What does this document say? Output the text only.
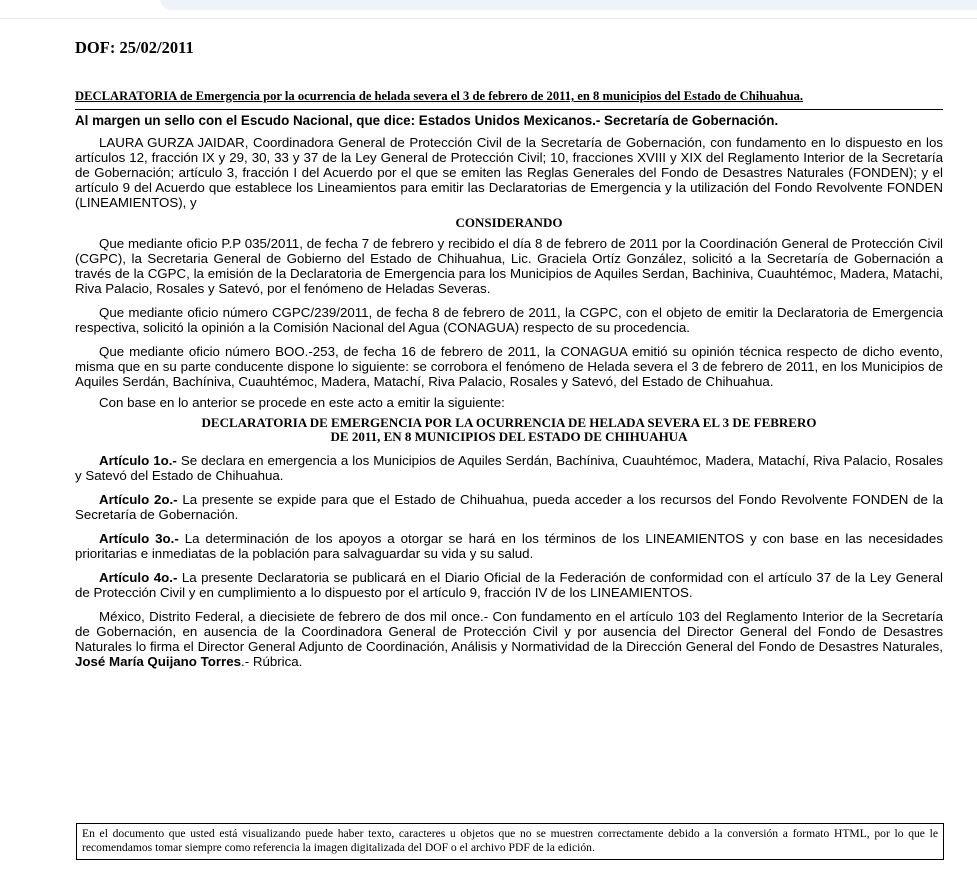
DOF: 25/02/2011
DECLARATORIA de Emergencia por la ocurrencia de helada severa el 3 de febrero de 2011, en 8 municipios del Estado de Chihuahua.
Al margen un sello con el Escudo Nacional, que dice: Estados Unidos Mexicanos.- Secretaría de Gobernación.

LAURA GURZA JAIDAR, Coordinadora General de Protección Civil de la Secretaría de Gobernación, con fundamento en lo dispuesto en los artículos 12, fracción IX y 29, 30, 33 y 37 de la Ley General de Protección Civil; 10, fracciones XVIII y XIX del Reglamento Interior de la Secretaría de Gobernación; artículo 3, fracción I del Acuerdo por el que se emiten las Reglas Generales del Fondo de Desastres Naturales (FONDEN); y el artículo 9 del Acuerdo que establece los Lineamientos para emitir las Declaratorias de Emergencia y la utilización del Fondo Revolvente FONDEN (LINEAMIENTOS), y

CONSIDERANDO

Que mediante oficio P.P 035/2011, de fecha 7 de febrero y recibido el día 8 de febrero de 2011 por la Coordinación General de Protección Civil (CGPC), la Secretaria General de Gobierno del Estado de Chihuahua, Lic. Graciela Ortíz González, solicitó a la Secretaría de Gobernación a través de la CGPC, la emisión de la Declaratoria de Emergencia para los Municipios de Aquiles Serdan, Bachiniva, Cuauhtémoc, Madera, Matachi, Riva Palacio, Rosales y Satevó, por el fenómeno de Heladas Severas.

Que mediante oficio número CGPC/239/2011, de fecha 8 de febrero de 2011, la CGPC, con el objeto de emitir la Declaratoria de Emergencia respectiva, solicitó la opinión a la Comisión Nacional del Agua (CONAGUA) respecto de su procedencia.

Que mediante oficio número BOO.-253, de fecha 16 de febrero de 2011, la CONAGUA emitió su opinión técnica respecto de dicho evento, misma que en su parte conducente dispone lo siguiente: se corrobora el fenómeno de Helada severa el 3 de febrero de 2011, en los Municipios de Aquiles Serdán, Bachíniva, Cuauhtémoc, Madera, Matachí, Riva Palacio, Rosales y Satevó, del Estado de Chihuahua.

Con base en lo anterior se procede en este acto a emitir la siguiente:

DECLARATORIA DE EMERGENCIA POR LA OCURRENCIA DE HELADA SEVERA EL 3 DE FEBRERO
DE 2011, EN 8 MUNICIPIOS DEL ESTADO DE CHIHUAHUA

Artículo 1o.- Se declara en emergencia a los Municipios de Aquiles Serdán, Bachíniva, Cuauhtémoc, Madera, Matachí, Riva Palacio, Rosales y Satevó del Estado de Chihuahua.

Artículo 2o.- La presente se expide para que el Estado de Chihuahua, pueda acceder a los recursos del Fondo Revolvente FONDEN de la Secretaría de Gobernación.

Artículo 3o.- La determinación de los apoyos a otorgar se hará en los términos de los LINEAMIENTOS y con base en las necesidades prioritarias e inmediatas de la población para salvaguardar su vida y su salud.

Artículo 4o.- La presente Declaratoria se publicará en el Diario Oficial de la Federación de conformidad con el artículo 37 de la Ley General de Protección Civil y en cumplimiento a lo dispuesto por el artículo 9, fracción IV de los LINEAMIENTOS.

México, Distrito Federal, a diecisiete de febrero de dos mil once.- Con fundamento en el artículo 103 del Reglamento Interior de la Secretaría de Gobernación, en ausencia de la Coordinadora General de Protección Civil y por ausencia del Director General del Fondo de Desastres Naturales lo firma el Director General Adjunto de Coordinación, Análisis y Normatividad de la Dirección General del Fondo de Desastres Naturales, José María Quijano Torres.- Rúbrica.

En el documento que usted está visualizando puede haber texto, caracteres u objetos que no se muestren correctamente debido a la conversión a formato HTML, por lo que le recomendamos tomar siempre como referencia la imagen digitalizada del DOF o el archivo PDF de la edición.
